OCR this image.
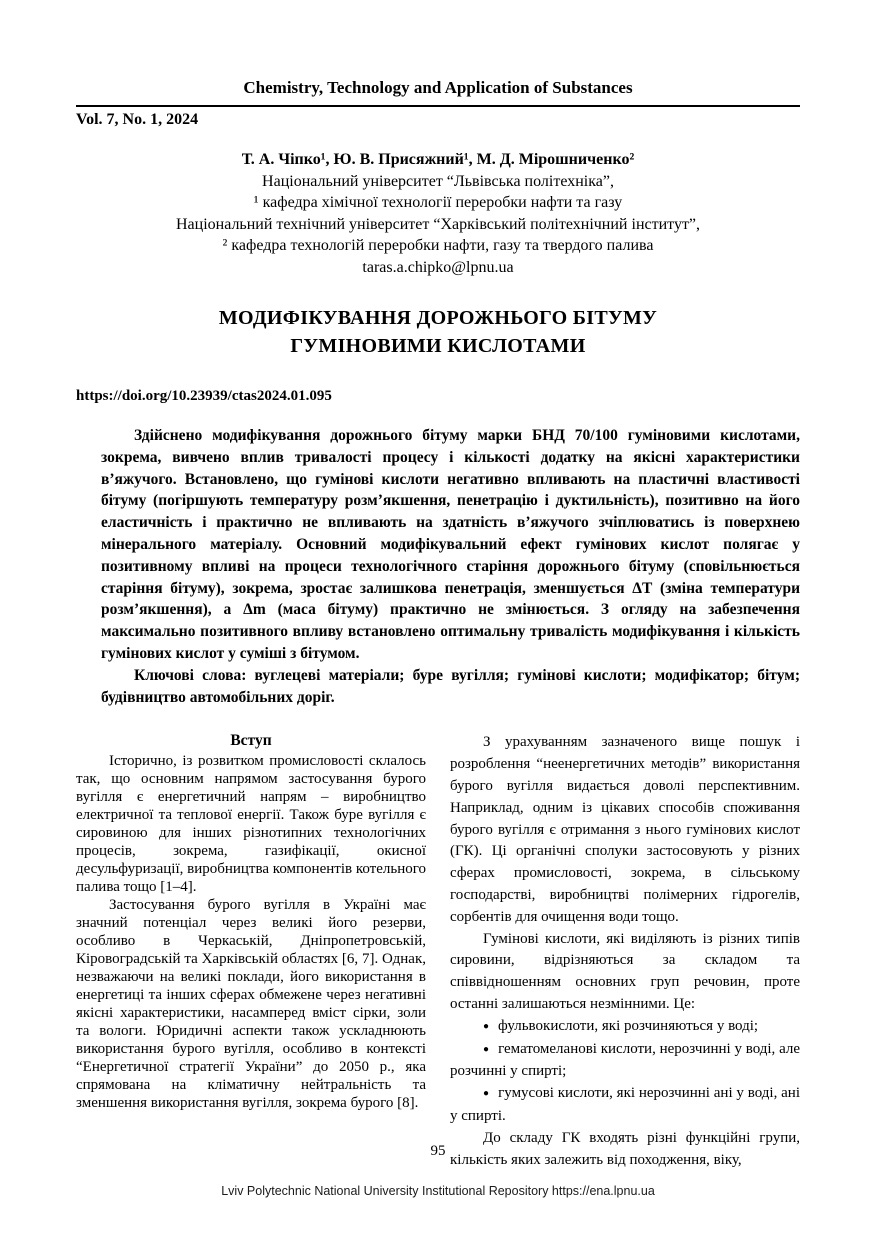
Chemistry, Technology and Application of Substances
Vol. 7, No. 1, 2024
Т. А. Чіпко¹, Ю. В. Присяжний¹, М. Д. Мірошниченко²
Національний університет “Львівська політехніка”,
¹ кафедра хімічної технології переробки нафти та газу
Національний технічний університет “Харківський політехнічний інститут”,
² кафедра технологій переробки нафти, газу та твердого палива
taras.a.chipko@lpnu.ua
МОДИФІКУВАННЯ ДОРОЖНЬОГО БІТУМУ
ГУМІНОВИМИ КИСЛОТАМИ
https://doi.org/10.23939/ctas2024.01.095

Здійснено модифікування дорожнього бітуму марки БНД 70/100 гуміновими кислотами, зокрема, вивчено вплив тривалості процесу і кількості додатку на якісні характеристики в’яжучого. Встановлено, що гумінові кислоти негативно впливають на пластичні властивості бітуму (погіршують температуру розм’якшення, пенетрацію і дуктильність), позитивно на його еластичність і практично не впливають на здатність в’яжучого зчіплюватись із поверхнею мінерального матеріалу. Основний модифікувальний ефект гумінових кислот полягає у позитивному впливі на процеси технологічного старіння дорожнього бітуму (сповільнюється старіння бітуму), зокрема, зростає залишкова пенетрація, зменшується ΔТ (зміна температури розм’якшення), а Δm (маса бітуму) практично не змінюється. З огляду на забезпечення максимально позитивного впливу встановлено оптимальну тривалість модифікування і кількість гумінових кислот у суміші з бітумом.

Ключові слова: вуглецеві матеріали; буре вугілля; гумінові кислоти; модифікатор; бітум; будівництво автомобільних доріг.

Вступ

Історично, із розвитком промисловості склалось так, що основним напрямом застосування бурого вугілля є енергетичний напрям – виробництво електричної та теплової енергії. Також буре вугілля є сировиною для інших різнотипних технологічних процесів, зокрема, газифікації, окисної десульфуризації, виробництва компонентів котельного палива тощо [1–4].

Застосування бурого вугілля в Україні має значний потенціал через великі його резерви, особливо в Черкаській, Дніпропетровській, Кіровоградській та Харківській областях [6, 7]. Однак, незважаючи на великі поклади, його використання в енергетиці та інших сферах обмежене через негативні якісні характеристики, насамперед вміст сірки, золи та вологи. Юридичні аспекти також ускладнюють використання бурого вугілля, особливо в контексті “Енергетичної стратегії України” до 2050 р., яка спрямована на кліматичну нейтральність та зменшення використання вугілля, зокрема бурого [8].

З урахуванням зазначеного вище пошук і розроблення “неенергетичних методів” використання бурого вугілля видається доволі перспективним. Наприклад, одним із цікавих способів споживання бурого вугілля є отримання з нього гумінових кислот (ГК). Ці органічні сполуки застосовують у різних сферах промисловості, зокрема, в сільському господарстві, виробництві полімерних гідрогелів, сорбентів для очищення води тощо.

Гумінові кислоти, які виділяють із різних типів сировини, відрізняються за складом та співвідношенням основних груп речовин, проте останні залишаються незмінними. Це:

● фульвокислоти, які розчиняються у воді;

● гематомеланові кислоти, нерозчинні у воді, але розчинні у спирті;

● гумусові кислоти, які нерозчинні ані у воді, ані у спирті.

До складу ГК входять різні функційні групи, кількість яких залежить від походження, віку,

95
Lviv Polytechnic National University Institutional Repository https://ena.lpnu.ua
